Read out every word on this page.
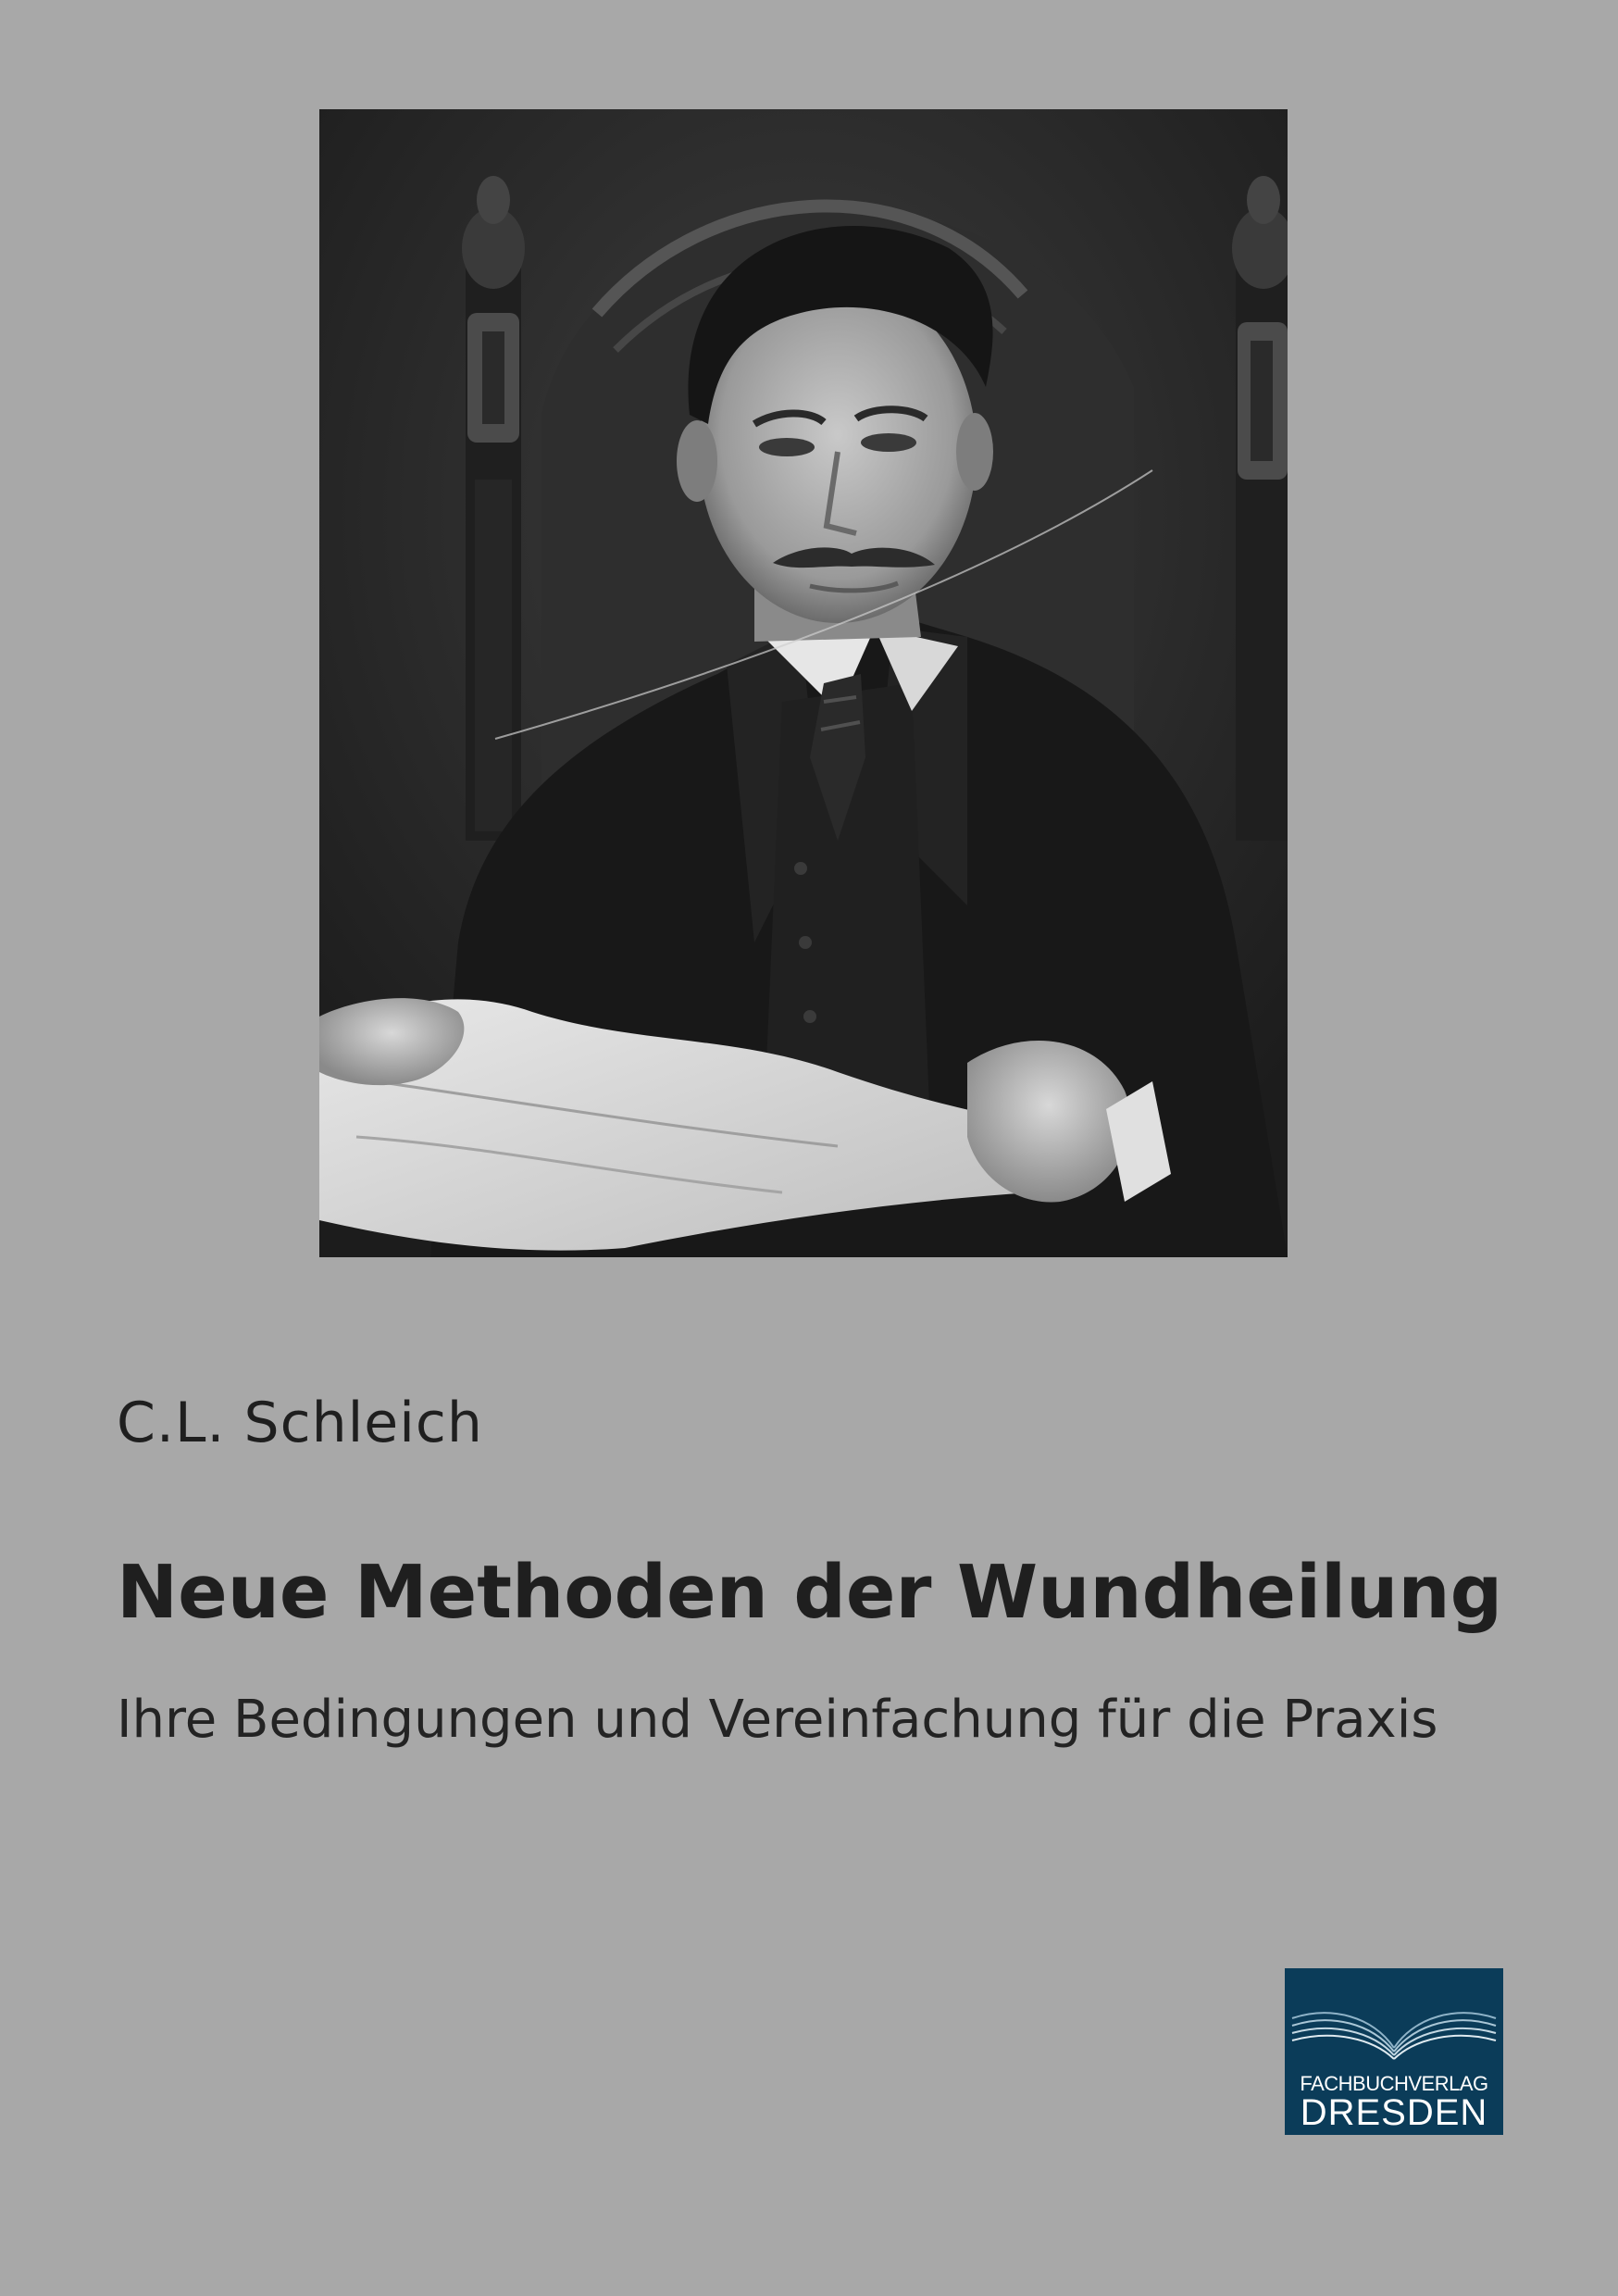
C.L. Schleich
Neue Methoden der Wundheilung
Ihre Bedingungen und Vereinfachung für die Praxis
FACHBUCHVERLAG
DRESDEN
